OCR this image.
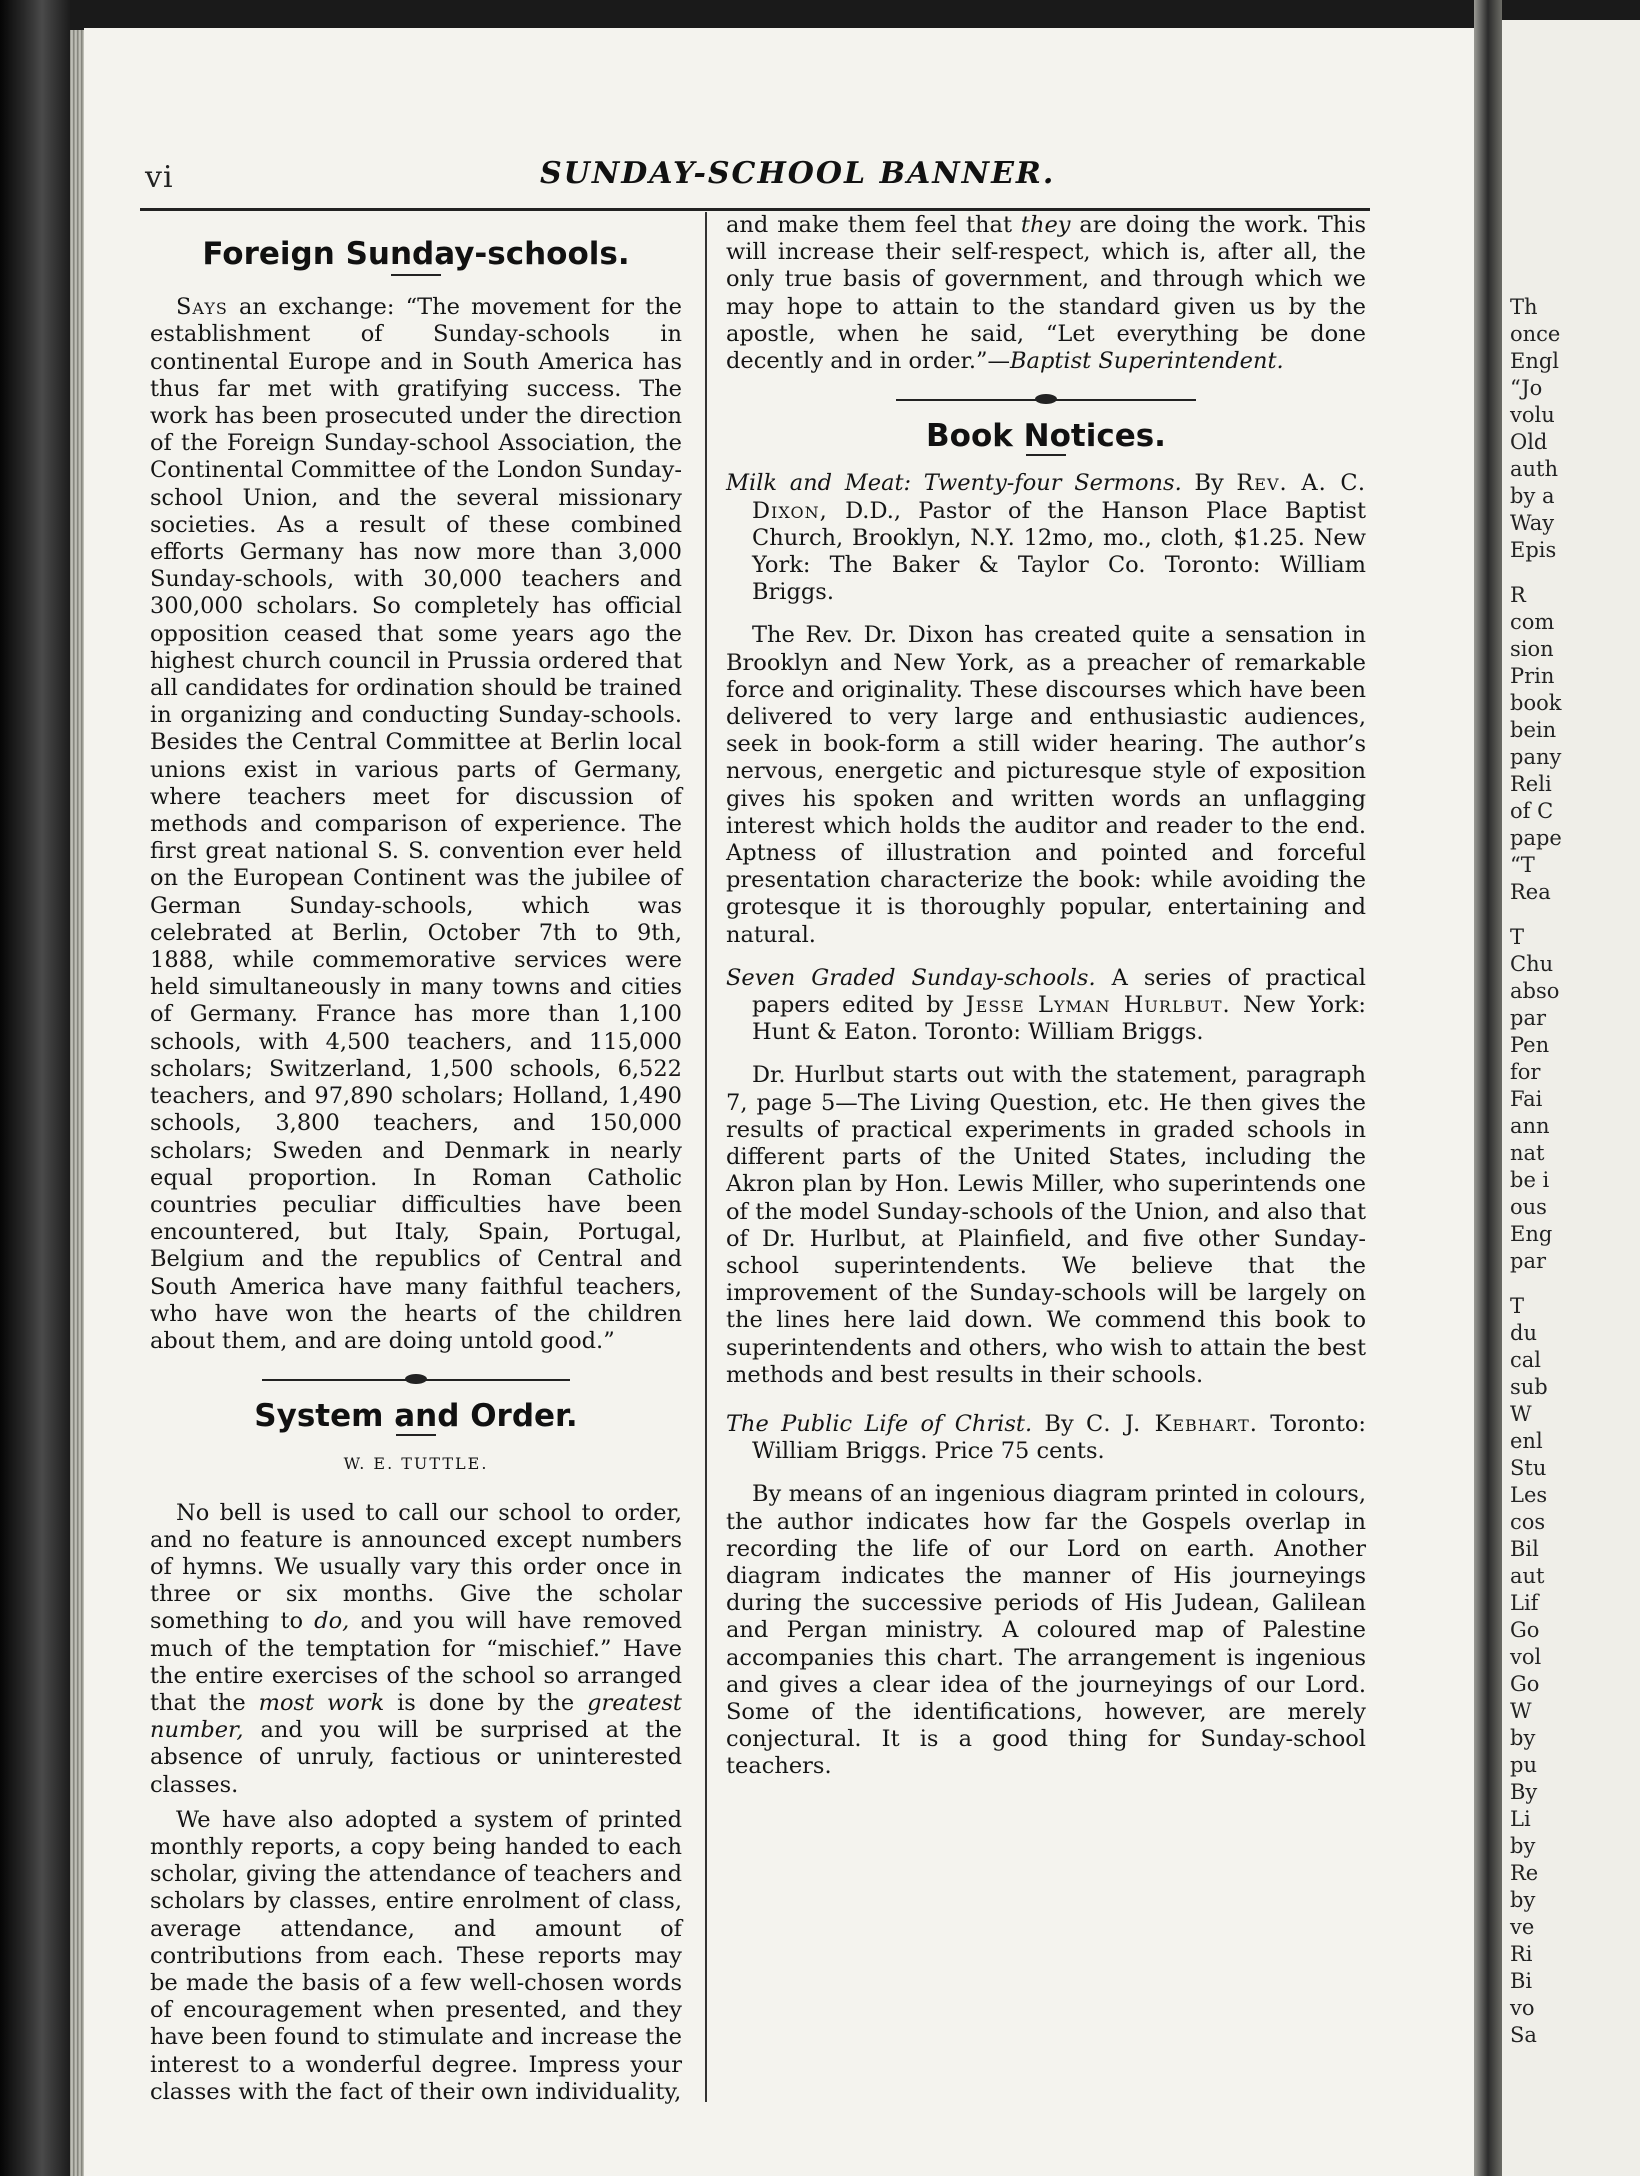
vi	SUNDAY-SCHOOL BANNER.
Foreign Sunday-schools.

Says an exchange: “The movement for the establishment of Sunday-schools in continental Europe and in South America has thus far met with gratifying success. The work has been prosecuted under the direction of the Foreign Sunday-school Association, the Continental Committee of the London Sunday-school Union, and the several missionary societies. As a result of these combined efforts Germany has now more than 3,000 Sunday-schools, with 30,000 teachers and 300,000 scholars. So completely has official opposition ceased that some years ago the highest church council in Prussia ordered that all candidates for ordination should be trained in organizing and conducting Sunday-schools. Besides the Central Committee at Berlin local unions exist in various parts of Germany, where teachers meet for discussion of methods and comparison of experience. The first great national S. S. convention ever held on the European Continent was the jubilee of German Sunday-schools, which was celebrated at Berlin, October 7th to 9th, 1888, while commemorative services were held simultaneously in many towns and cities of Germany. France has more than 1,100 schools, with 4,500 teachers, and 115,000 scholars; Switzerland, 1,500 schools, 6,522 teachers, and 97,890 scholars; Holland, 1,490 schools, 3,800 teachers, and 150,000 scholars; Sweden and Denmark in nearly equal proportion. In Roman Catholic countries peculiar difficulties have been encountered, but Italy, Spain, Portugal, Belgium and the republics of Central and South America have many faithful teachers, who have won the hearts of the children about them, and are doing untold good.”

System and Order.
W. E. TUTTLE.

No bell is used to call our school to order, and no feature is announced except numbers of hymns. We usually vary this order once in three or six months. Give the scholar something to do, and you will have removed much of the temptation for “mischief.” Have the entire exercises of the school so arranged that the most work is done by the greatest number, and you will be surprised at the absence of unruly, factious or uninterested classes.

We have also adopted a system of printed monthly reports, a copy being handed to each scholar, giving the attendance of teachers and scholars by classes, entire enrolment of class, average attendance, and amount of contributions from each. These reports may be made the basis of a few well-chosen words of encouragement when presented, and they have been found to stimulate and increase the interest to a wonderful degree. Impress your classes with the fact of their own individuality,

and make them feel that they are doing the work. This will increase their self-respect, which is, after all, the only true basis of government, and through which we may hope to attain to the standard given us by the apostle, when he said, “Let everything be done decently and in order.”—Baptist Superintendent.

Book Notices.

Milk and Meat: Twenty-four Sermons. By Rev. A. C. Dixon, D.D., Pastor of the Hanson Place Baptist Church, Brooklyn, N.Y. 12mo, mo., cloth, $1.25. New York: The Baker & Taylor Co. Toronto: William Briggs.

The Rev. Dr. Dixon has created quite a sensation in Brooklyn and New York, as a preacher of remarkable force and originality. These discourses which have been delivered to very large and enthusiastic audiences, seek in book-form a still wider hearing. The author’s nervous, energetic and picturesque style of exposition gives his spoken and written words an unflagging interest which holds the auditor and reader to the end. Aptness of illustration and pointed and forceful presentation characterize the book: while avoiding the grotesque it is thoroughly popular, entertaining and natural.

Seven Graded Sunday-schools. A series of practical papers edited by Jesse Lyman Hurlbut. New York: Hunt & Eaton. Toronto: William Briggs.

Dr. Hurlbut starts out with the statement, paragraph 7, page 5—The Living Question, etc. He then gives the results of practical experiments in graded schools in different parts of the United States, including the Akron plan by Hon. Lewis Miller, who superintends one of the model Sunday-schools of the Union, and also that of Dr. Hurlbut, at Plainfield, and five other Sunday-school superintendents. We believe that the improvement of the Sunday-schools will be largely on the lines here laid down. We commend this book to superintendents and others, who wish to attain the best methods and best results in their schools.

The Public Life of Christ. By C. J. Kebhart. Toronto: William Briggs. Price 75 cents.

By means of an ingenious diagram printed in colours, the author indicates how far the Gospels overlap in recording the life of our Lord on earth. Another diagram indicates the manner of His journeyings during the successive periods of His Judean, Galilean and Pergan ministry. A coloured map of Palestine accompanies this chart. The arrangement is ingenious and gives a clear idea of the journeyings of our Lord. Some of the identifications, however, are merely conjectural. It is a good thing for Sunday-school teachers.

Th
once
Engl
“Jo
volu
Old
auth
by a
Way
Epis
R
com
sion
Prin
book
bein
pany
Reli
of C
pape
“T
Rea
T
Chu
abso
par
Pen
for
Fai
ann
nat
be i
ous
Eng
par
T
du
cal
sub
W
enl
Stu
Les
cos
Bil
aut
Lif
Go
vol
Go
W
by
pu
By
Li
by
Re
by
ve
Ri
Bi
vo
Sa
